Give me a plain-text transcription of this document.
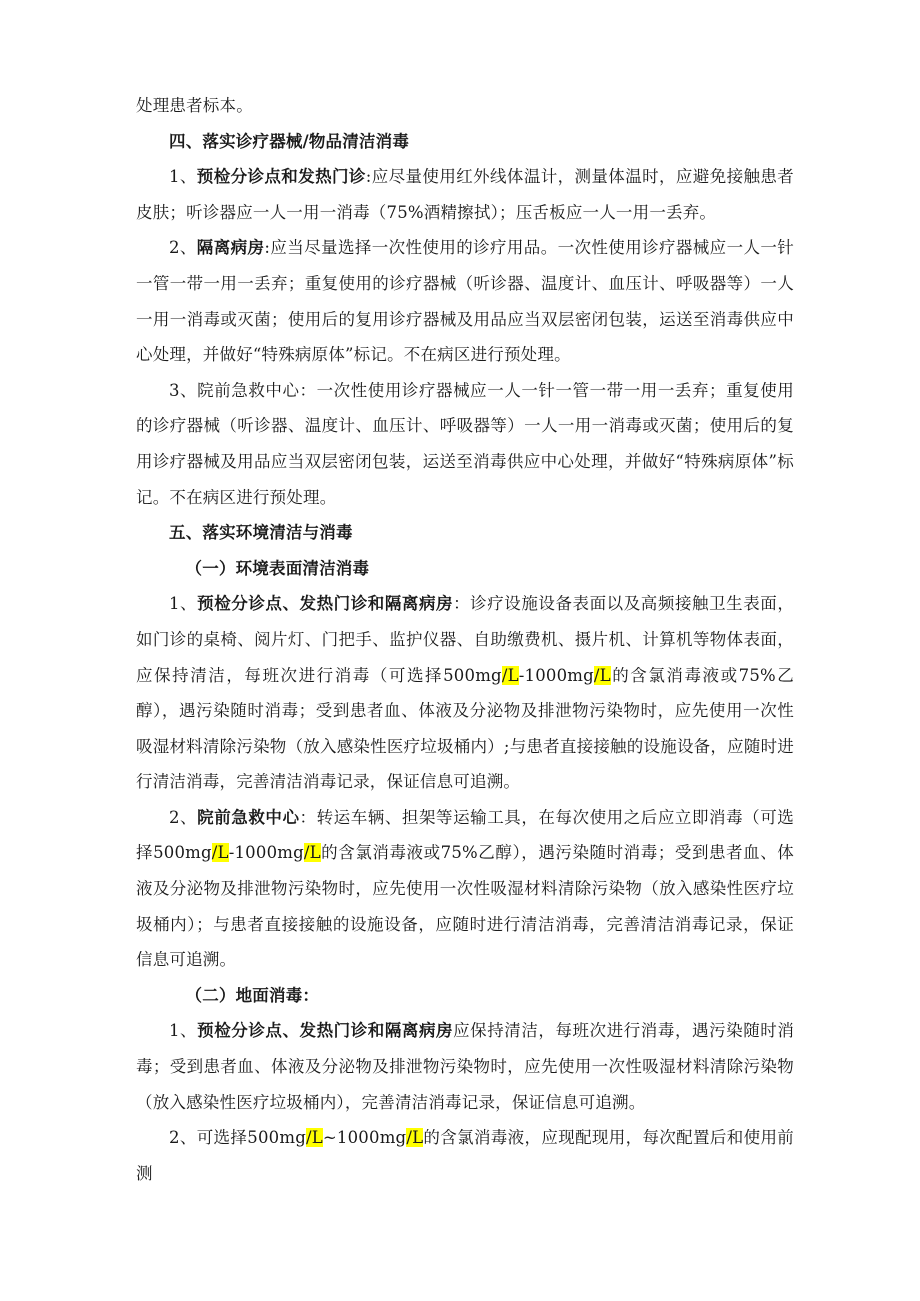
处理患者标本。

四、落实诊疗器械/物品清洁消毒

1、预检分诊点和发热门诊:应尽量使用红外线体温计，测量体温时，应避免接触患者皮肤；听诊器应一人一用一消毒（75%酒精擦拭）；压舌板应一人一用一丢弃。

2、隔离病房:应当尽量选择一次性使用的诊疗用品。一次性使用诊疗器械应一人一针一管一带一用一丢弃；重复使用的诊疗器械（听诊器、温度计、血压计、呼吸器等）一人一用一消毒或灭菌；使用后的复用诊疗器械及用品应当双层密闭包装，运送至消毒供应中心处理，并做好“特殊病原体”标记。不在病区进行预处理。

3、院前急救中心：一次性使用诊疗器械应一人一针一管一带一用一丢弃；重复使用的诊疗器械（听诊器、温度计、血压计、呼吸器等）一人一用一消毒或灭菌；使用后的复用诊疗器械及用品应当双层密闭包装，运送至消毒供应中心处理，并做好“特殊病原体”标记。不在病区进行预处理。

五、落实环境清洁与消毒

（一）环境表面清洁消毒

1、预检分诊点、发热门诊和隔离病房：诊疗设施设备表面以及高频接触卫生表面，如门诊的桌椅、阅片灯、门把手、监护仪器、自助缴费机、摄片机、计算机等物体表面，应保持清洁，每班次进行消毒（可选择500mg/L-1000mg/L的含氯消毒液或75%乙醇），遇污染随时消毒；受到患者血、体液及分泌物及排泄物污染物时，应先使用一次性吸湿材料清除污染物（放入感染性医疗垃圾桶内）;与患者直接接触的设施设备，应随时进行清洁消毒，完善清洁消毒记录，保证信息可追溯。

2、院前急救中心：转运车辆、担架等运输工具，在每次使用之后应立即消毒（可选择500mg/L-1000mg/L的含氯消毒液或75%乙醇），遇污染随时消毒；受到患者血、体液及分泌物及排泄物污染物时，应先使用一次性吸湿材料清除污染物（放入感染性医疗垃圾桶内）；与患者直接接触的设施设备，应随时进行清洁消毒，完善清洁消毒记录，保证信息可追溯。

（二）地面消毒：

1、预检分诊点、发热门诊和隔离病房应保持清洁，每班次进行消毒，遇污染随时消毒；受到患者血、体液及分泌物及排泄物污染物时，应先使用一次性吸湿材料清除污染物（放入感染性医疗垃圾桶内），完善清洁消毒记录，保证信息可追溯。

2、可选择500mg/L~1000mg/L的含氯消毒液，应现配现用，每次配置后和使用前测
